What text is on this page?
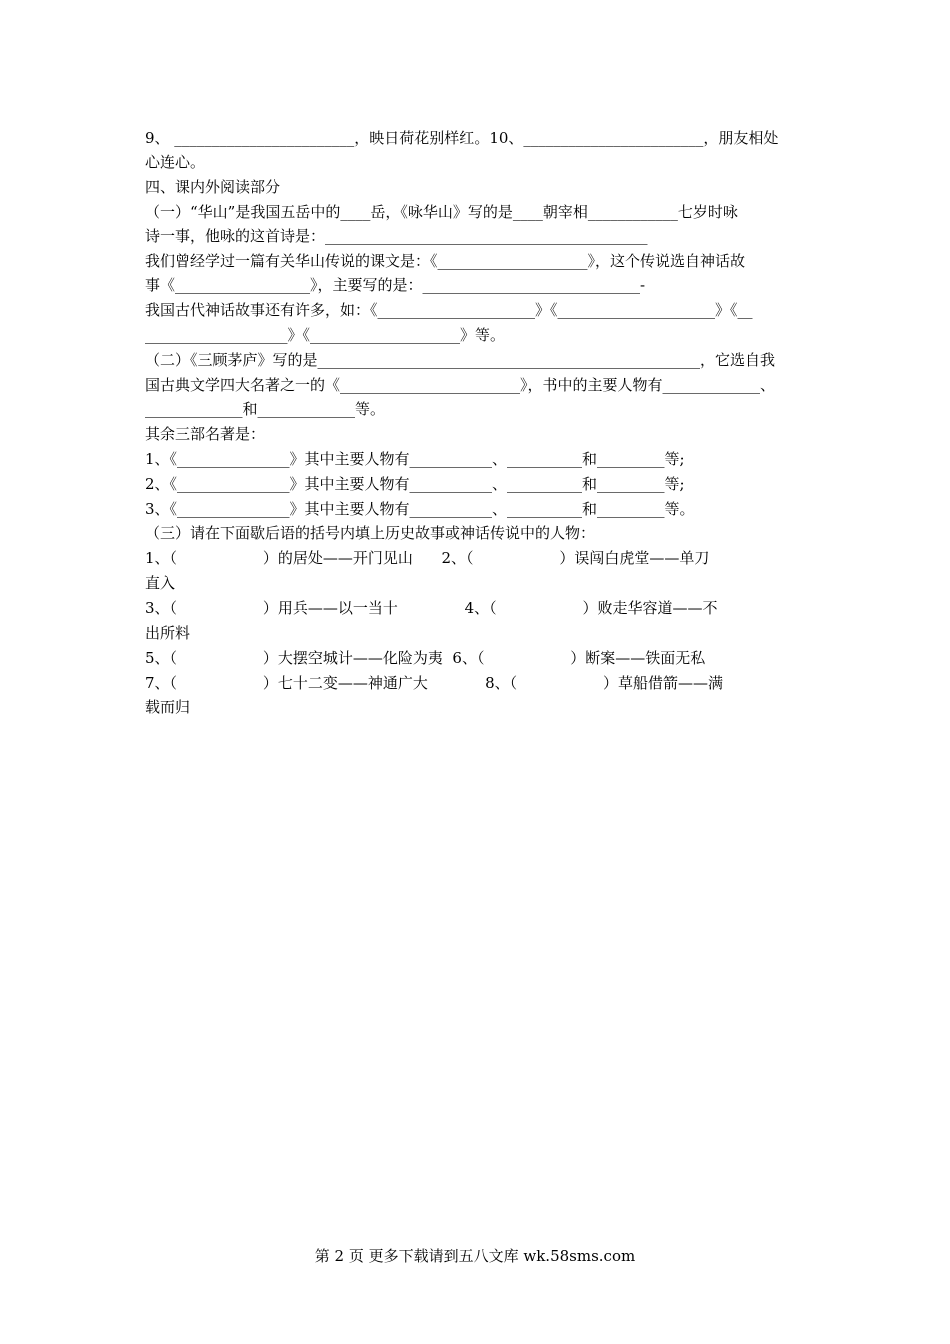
9、 ________________________，映日荷花别样红。10、________________________，朋友相处
心连心。
四、课内外阅读部分
（一）“华山”是我国五岳中的____岳，《咏华山》写的是____朝宰相____________七岁时咏
诗一事，他咏的这首诗是：___________________________________________
我们曾经学过一篇有关华山传说的课文是：《____________________》，这个传说选自神话故
事《__________________》，主要写的是：_____________________________-
我国古代神话故事还有许多，如：《_____________________》《_____________________》《__
___________________》《____________________》等。
（二）《三顾茅庐》写的是___________________________________________________，它选自我
国古典文学四大名著之一的《________________________》，书中的主要人物有_____________、
_____________和_____________等。
其余三部名著是：
1、《_______________》其中主要人物有___________、__________和_________等;
2、《_______________》其中主要人物有___________、__________和_________等;
3、《_______________》其中主要人物有___________、__________和_________等。
（三）请在下面歇后语的括号内填上历史故事或神话传说中的人物：
1、（                  ）的居处——开门见山      2、（                  ）误闯白虎堂——单刀
直入
3、（                  ）用兵——以一当十              4、（                  ）败走华容道——不
出所料
5、（                  ）大摆空城计——化险为夷  6、（                  ）断案——铁面无私
7、（                  ）七十二变——神通广大            8、（                  ）草船借箭——满
载而归
第 2 页 更多下载请到五八文库 wk.58sms.com
